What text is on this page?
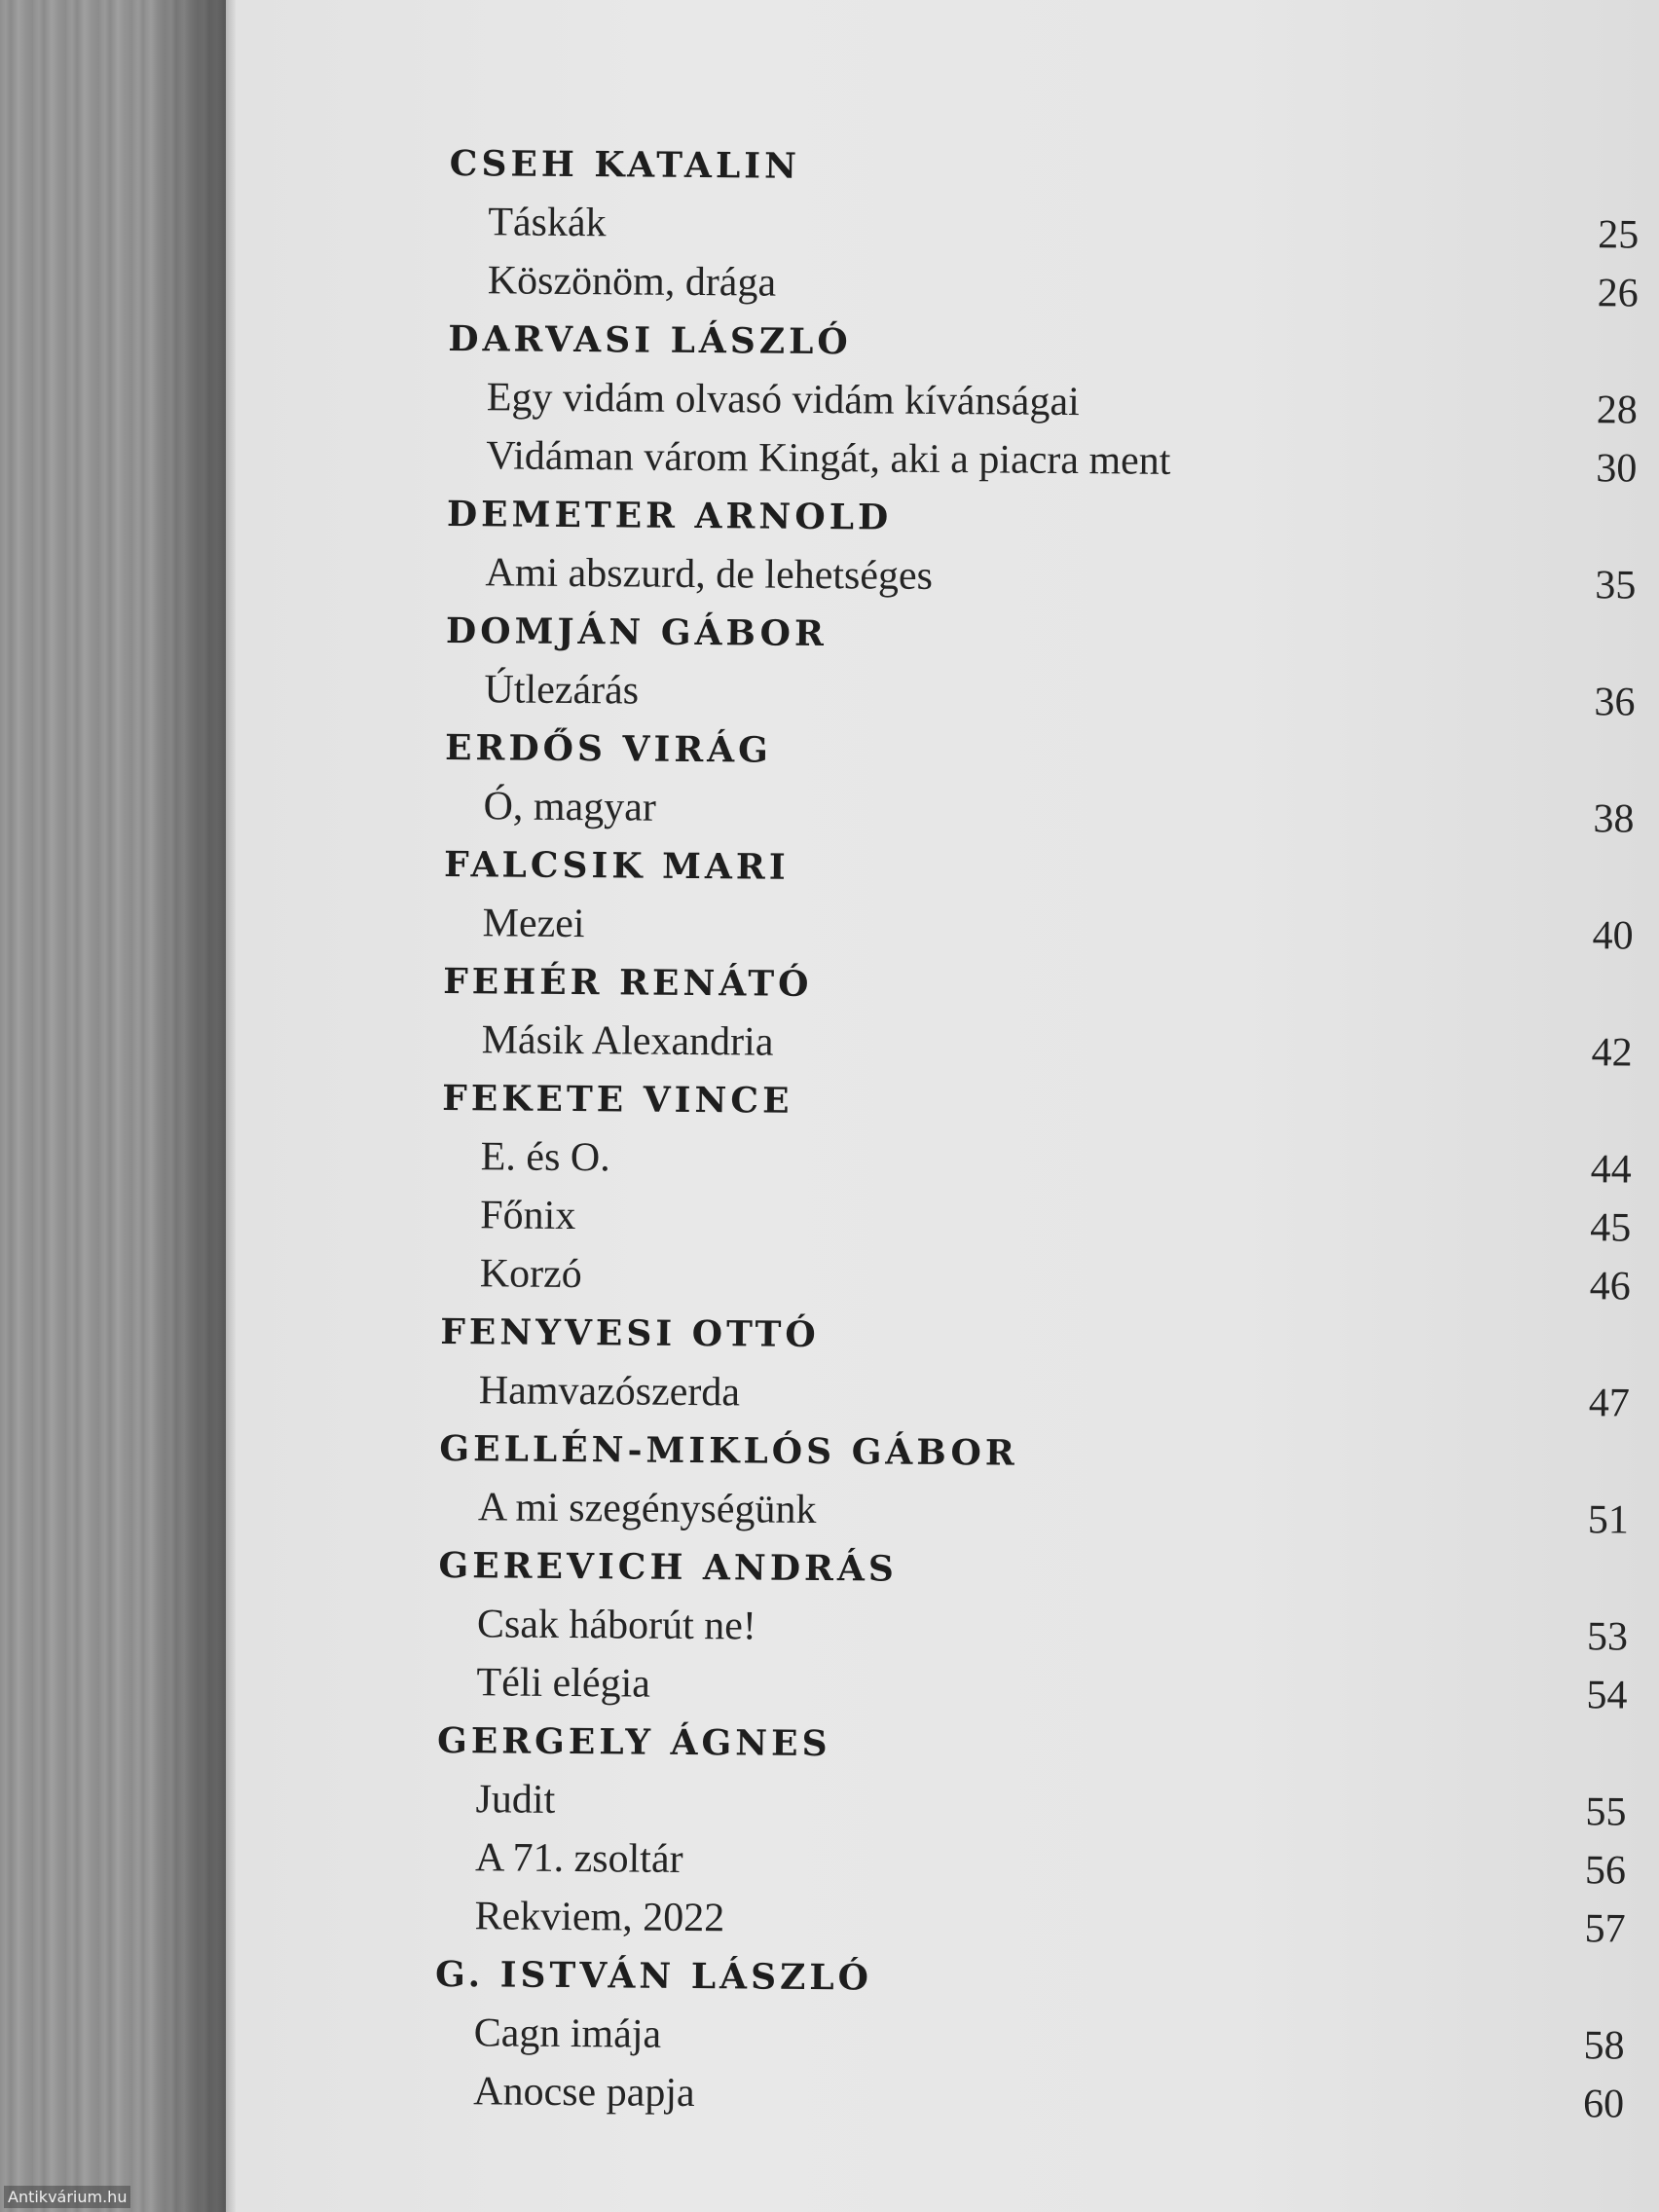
CSEH KATALIN
Táskák	25
Köszönöm, drága	26
DARVASI LÁSZLÓ
Egy vidám olvasó vidám kívánságai	28
Vidáman várom Kingát, aki a piacra ment	30
DEMETER ARNOLD
Ami abszurd, de lehetséges	35
DOMJÁN GÁBOR
Útlezárás	36
ERDŐS VIRÁG
Ó, magyar	38
FALCSIK MARI
Mezei	40
FEHÉR RENÁTÓ
Másik Alexandria	42
FEKETE VINCE
E. és O.	44
Főnix	45
Korzó	46
FENYVESI OTTÓ
Hamvazószerda	47
GELLÉN-MIKLÓS GÁBOR
A mi szegénységünk	51
GEREVICH ANDRÁS
Csak háborút ne!	53
Téli elégia	54
GERGELY ÁGNES
Judit	55
A 71. zsoltár	56
Rekviem, 2022	57
G. ISTVÁN LÁSZLÓ
Cagn imája	58
Anocse papja	60
Antikvárium.hu
